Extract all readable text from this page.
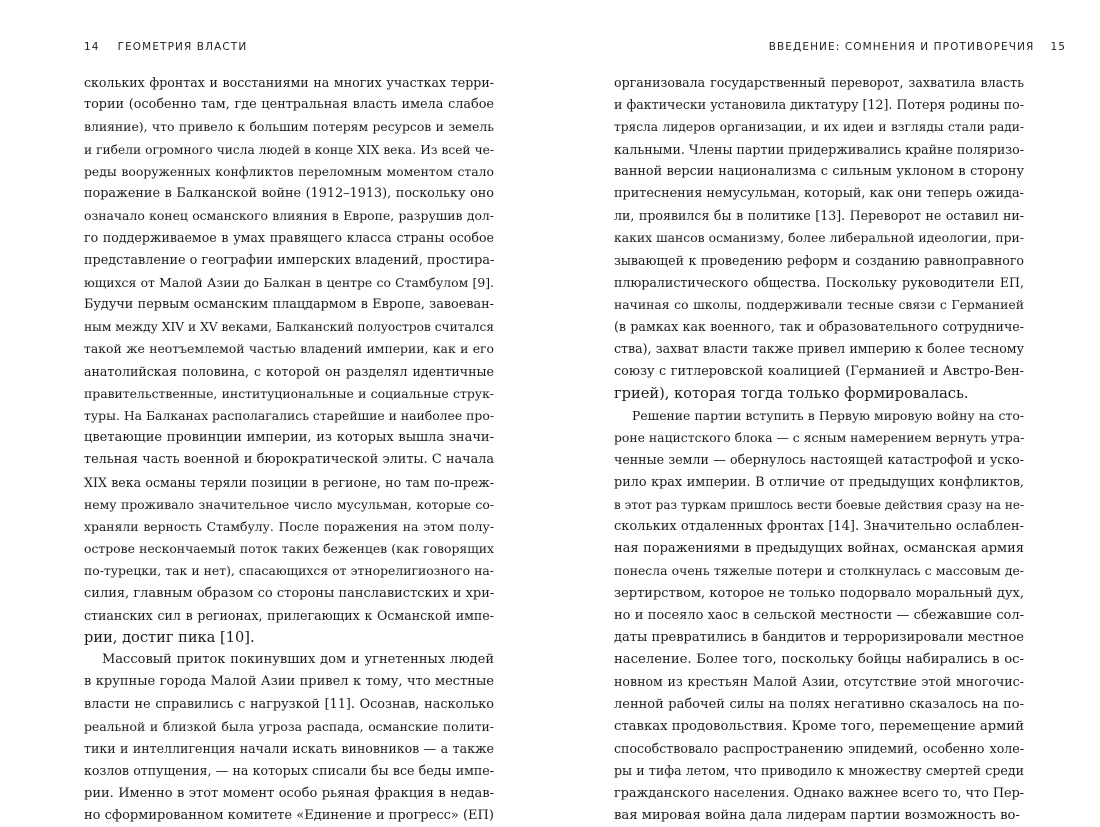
14 ГЕОМЕТРИЯ ВЛАСТИ
скольких фронтах и восстаниями на многих участках терри-
тории (особенно там, где центральная власть имела слабое
влияние), что привело к большим потерям ресурсов и земель
и гибели огромного числа людей в конце XIX века. Из всей че-
реды вооруженных конфликтов переломным моментом стало
поражение в Балканской войне (1912–1913), поскольку оно
означало конец османского влияния в Европе, разрушив дол-
го поддерживаемое в умах правящего класса страны особое
представление о географии имперских владений, простира-
ющихся от Малой Азии до Балкан в центре со Стамбулом [9].
Будучи первым османским плацдармом в Европе, завоеван-
ным между XIV и XV веками, Балканский полуостров считался
такой же неотъемлемой частью владений империи, как и его
анатолийская половина, с которой он разделял идентичные
правительственные, институциональные и социальные струк-
туры. На Балканах располагались старейшие и наиболее про-
цветающие провинции империи, из которых вышла значи-
тельная часть военной и бюрократической элиты. С начала
XIX века османы теряли позиции в регионе, но там по-преж-
нему проживало значительное число мусульман, которые со-
храняли верность Стамбулу. После поражения на этом полу-
острове нескончаемый поток таких беженцев (как говорящих
по-турецки, так и нет), спасающихся от этнорелигиозного на-
силия, главным образом со стороны панславистских и хри-
стианских сил в регионах, прилегающих к Османской импе-
рии, достиг пика [10].
Массовый приток покинувших дом и угнетенных людей
в крупные города Малой Азии привел к тому, что местные
власти не справились с нагрузкой [11]. Осознав, насколько
реальной и близкой была угроза распада, османские полити-
тики и интеллигенция начали искать виновников — а также
козлов отпущения, — на которых списали бы все беды импе-
рии. Именно в этот момент особо рьяная фракция в недав-
но сформированном комитете «Единение и прогресс» (ЕП)
ВВЕДЕНИЕ: СОМНЕНИЯ И ПРОТИВОРЕЧИЯ 15
организовала государственный переворот, захватила власть
и фактически установила диктатуру [12]. Потеря родины по-
трясла лидеров организации, и их идеи и взгляды стали ради-
кальными. Члены партии придерживались крайне поляризо-
ванной версии национализма с сильным уклоном в сторону
притеснения немусульман, который, как они теперь ожида-
ли, проявился бы в политике [13]. Переворот не оставил ни-
каких шансов османизму, более либеральной идеологии, при-
зывающей к проведению реформ и созданию равноправного
плюралистического общества. Поскольку руководители ЕП,
начиная со школы, поддерживали тесные связи с Германией
(в рамках как военного, так и образовательного сотрудниче-
ства), захват власти также привел империю к более тесному
союзу с гитлеровской коалицией (Германией и Австро-Вен-
грией), которая тогда только формировалась.
Решение партии вступить в Первую мировую войну на сто-
роне нацистского блока — с ясным намерением вернуть утра-
ченные земли — обернулось настоящей катастрофой и уско-
рило крах империи. В отличие от предыдущих конфликтов,
в этот раз туркам пришлось вести боевые действия сразу на не-
скольких отдаленных фронтах [14]. Значительно ослаблен-
ная поражениями в предыдущих войнах, османская армия
понесла очень тяжелые потери и столкнулась с массовым де-
зертирством, которое не только подорвало моральный дух,
но и посеяло хаос в сельской местности — сбежавшие сол-
даты превратились в бандитов и терроризировали местное
население. Более того, поскольку бойцы набирались в ос-
новном из крестьян Малой Азии, отсутствие этой многочис-
ленной рабочей силы на полях негативно сказалось на по-
ставках продовольствия. Кроме того, перемещение армий
способствовало распространению эпидемий, особенно холе-
ры и тифа летом, что приводило к множеству смертей среди
гражданского населения. Однако важнее всего то, что Пер-
вая мировая война дала лидерам партии возможность во-
